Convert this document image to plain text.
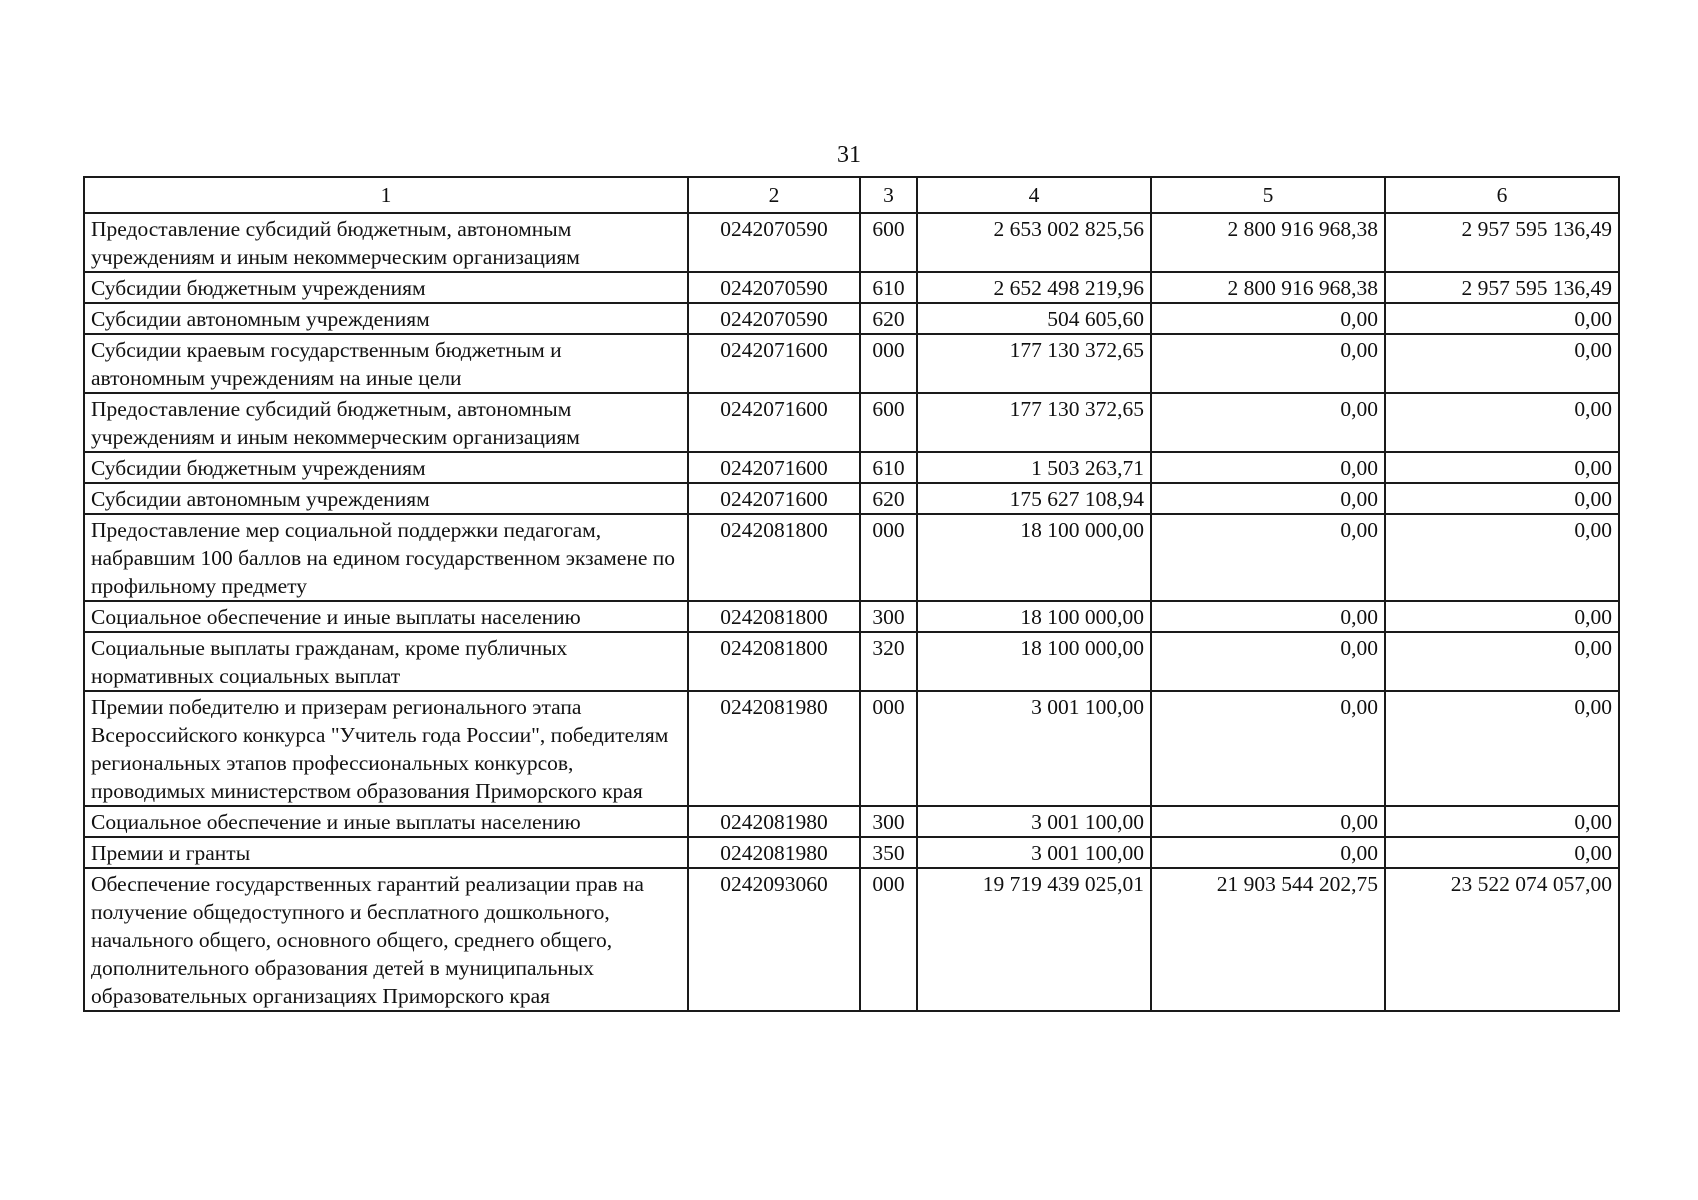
31
1	2	3	4	5	6
Предоставление субсидий бюджетным, автономным учреждениям и иным некоммерческим организациям	0242070590	600	2 653 002 825,56	2 800 916 968,38	2 957 595 136,49
Субсидии бюджетным учреждениям	0242070590	610	2 652 498 219,96	2 800 916 968,38	2 957 595 136,49
Субсидии автономным учреждениям	0242070590	620	504 605,60	0,00	0,00
Субсидии краевым государственным бюджетным и автономным учреждениям на иные цели	0242071600	000	177 130 372,65	0,00	0,00
Предоставление субсидий бюджетным, автономным учреждениям и иным некоммерческим организациям	0242071600	600	177 130 372,65	0,00	0,00
Субсидии бюджетным учреждениям	0242071600	610	1 503 263,71	0,00	0,00
Субсидии автономным учреждениям	0242071600	620	175 627 108,94	0,00	0,00
Предоставление мер социальной поддержки педагогам, набравшим 100 баллов на едином государственном экзамене по профильному предмету	0242081800	000	18 100 000,00	0,00	0,00
Социальное обеспечение и иные выплаты населению	0242081800	300	18 100 000,00	0,00	0,00
Социальные выплаты гражданам, кроме публичных нормативных социальных выплат	0242081800	320	18 100 000,00	0,00	0,00
Премии победителю и призерам регионального этапа Всероссийского конкурса "Учитель года России", победителям региональных этапов профессиональных конкурсов, проводимых министерством образования Приморского края	0242081980	000	3 001 100,00	0,00	0,00
Социальное обеспечение и иные выплаты населению	0242081980	300	3 001 100,00	0,00	0,00
Премии и гранты	0242081980	350	3 001 100,00	0,00	0,00
Обеспечение государственных гарантий реализации прав на получение общедоступного и бесплатного дошкольного, начального общего, основного общего, среднего общего, дополнительного образования детей в муниципальных образовательных организациях Приморского края	0242093060	000	19 719 439 025,01	21 903 544 202,75	23 522 074 057,00
